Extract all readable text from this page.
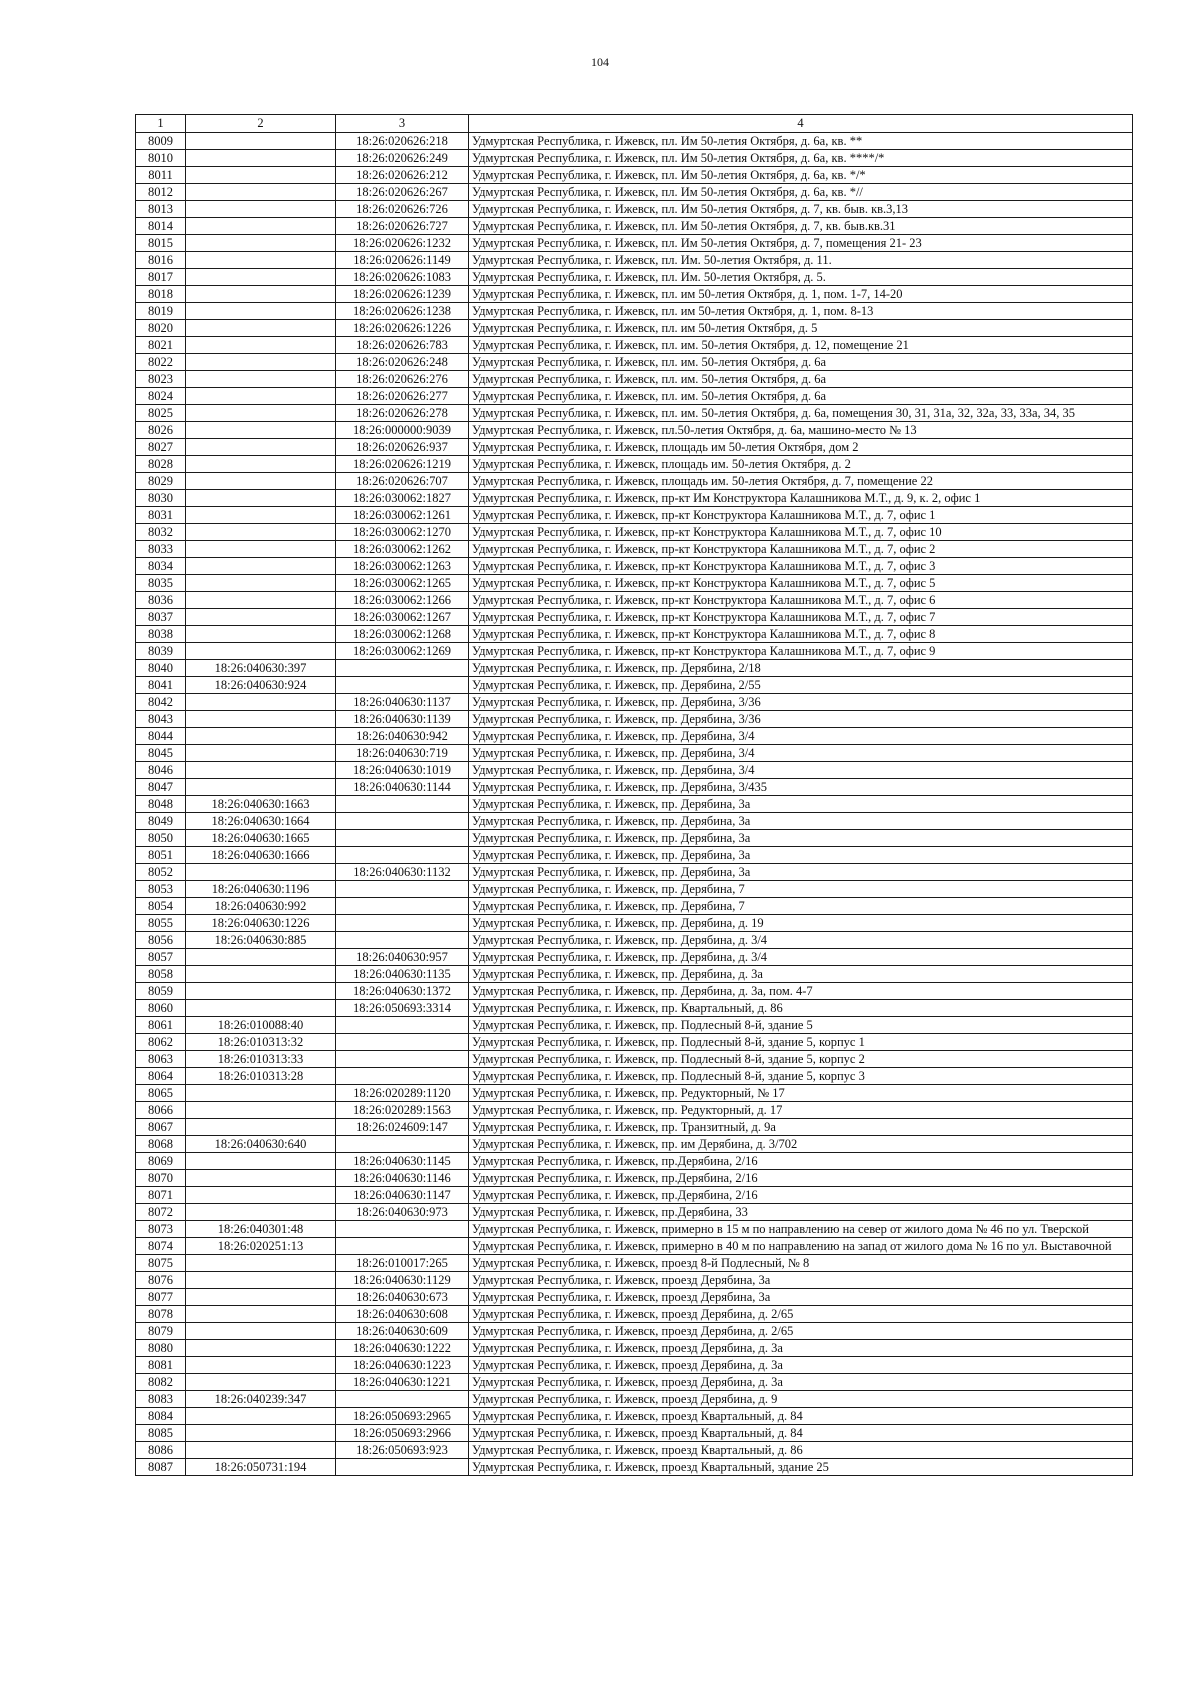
104
1	2	3	4
8009		18:26:020626:218	Удмуртская Республика, г. Ижевск, пл. Им 50-летия Октября, д. 6а, кв. **
8010		18:26:020626:249	Удмуртская Республика, г. Ижевск, пл. Им 50-летия Октября, д. 6а, кв. ****/*
8011		18:26:020626:212	Удмуртская Республика, г. Ижевск, пл. Им 50-летия Октября, д. 6а, кв. */*
8012		18:26:020626:267	Удмуртская Республика, г. Ижевск, пл. Им 50-летия Октября, д. 6а, кв. *//
8013		18:26:020626:726	Удмуртская Республика, г. Ижевск, пл. Им 50-летия Октября, д. 7, кв. быв. кв.3,13
8014		18:26:020626:727	Удмуртская Республика, г. Ижевск, пл. Им 50-летия Октября, д. 7, кв. быв.кв.31
8015		18:26:020626:1232	Удмуртская Республика, г. Ижевск, пл. Им 50-летия Октября, д. 7, помещения 21- 23
8016		18:26:020626:1149	Удмуртская Республика, г. Ижевск, пл. Им. 50-летия Октября, д. 11.
8017		18:26:020626:1083	Удмуртская Республика, г. Ижевск, пл. Им. 50-летия Октября, д. 5.
8018		18:26:020626:1239	Удмуртская Республика, г. Ижевск, пл. им 50-летия Октября, д. 1, пом. 1-7, 14-20
8019		18:26:020626:1238	Удмуртская Республика, г. Ижевск, пл. им 50-летия Октября, д. 1, пом. 8-13
8020		18:26:020626:1226	Удмуртская Республика, г. Ижевск, пл. им 50-летия Октября, д. 5
8021		18:26:020626:783	Удмуртская Республика, г. Ижевск, пл. им. 50-летия Октября, д. 12, помещение 21
8022		18:26:020626:248	Удмуртская Республика, г. Ижевск, пл. им. 50-летия Октября, д. 6а
8023		18:26:020626:276	Удмуртская Республика, г. Ижевск, пл. им. 50-летия Октября, д. 6а
8024		18:26:020626:277	Удмуртская Республика, г. Ижевск, пл. им. 50-летия Октября, д. 6а
8025		18:26:020626:278	Удмуртская Республика, г. Ижевск, пл. им. 50-летия Октября, д. 6а, помещения 30, 31, 31а, 32, 32а, 33, 33а, 34, 35
8026		18:26:000000:9039	Удмуртская Республика, г. Ижевск, пл.50-летия Октября, д. 6а, машино-место № 13
8027		18:26:020626:937	Удмуртская Республика, г. Ижевск, площадь им 50-летия Октября, дом 2
8028		18:26:020626:1219	Удмуртская Республика, г. Ижевск, площадь им. 50-летия Октября, д. 2
8029		18:26:020626:707	Удмуртская Республика, г. Ижевск, площадь им. 50-летия Октября, д. 7, помещение 22
8030		18:26:030062:1827	Удмуртская Республика, г. Ижевск, пр-кт Им Конструктора Калашникова М.Т., д. 9, к. 2, офис 1
8031		18:26:030062:1261	Удмуртская Республика, г. Ижевск, пр-кт Конструктора Калашникова М.Т., д. 7, офис 1
8032		18:26:030062:1270	Удмуртская Республика, г. Ижевск, пр-кт Конструктора Калашникова М.Т., д. 7, офис 10
8033		18:26:030062:1262	Удмуртская Республика, г. Ижевск, пр-кт Конструктора Калашникова М.Т., д. 7, офис 2
8034		18:26:030062:1263	Удмуртская Республика, г. Ижевск, пр-кт Конструктора Калашникова М.Т., д. 7, офис 3
8035		18:26:030062:1265	Удмуртская Республика, г. Ижевск, пр-кт Конструктора Калашникова М.Т., д. 7, офис 5
8036		18:26:030062:1266	Удмуртская Республика, г. Ижевск, пр-кт Конструктора Калашникова М.Т., д. 7, офис 6
8037		18:26:030062:1267	Удмуртская Республика, г. Ижевск, пр-кт Конструктора Калашникова М.Т., д. 7, офис 7
8038		18:26:030062:1268	Удмуртская Республика, г. Ижевск, пр-кт Конструктора Калашникова М.Т., д. 7, офис 8
8039		18:26:030062:1269	Удмуртская Республика, г. Ижевск, пр-кт Конструктора Калашникова М.Т., д. 7, офис 9
8040	18:26:040630:397		Удмуртская Республика, г. Ижевск, пр. Дерябина, 2/18
8041	18:26:040630:924		Удмуртская Республика, г. Ижевск, пр. Дерябина, 2/55
8042		18:26:040630:1137	Удмуртская Республика, г. Ижевск, пр. Дерябина, 3/36
8043		18:26:040630:1139	Удмуртская Республика, г. Ижевск, пр. Дерябина, 3/36
8044		18:26:040630:942	Удмуртская Республика, г. Ижевск, пр. Дерябина, 3/4
8045		18:26:040630:719	Удмуртская Республика, г. Ижевск, пр. Дерябина, 3/4
8046		18:26:040630:1019	Удмуртская Республика, г. Ижевск, пр. Дерябина, 3/4
8047		18:26:040630:1144	Удмуртская Республика, г. Ижевск, пр. Дерябина, 3/435
8048	18:26:040630:1663		Удмуртская Республика, г. Ижевск, пр. Дерябина, 3а
8049	18:26:040630:1664		Удмуртская Республика, г. Ижевск, пр. Дерябина, 3а
8050	18:26:040630:1665		Удмуртская Республика, г. Ижевск, пр. Дерябина, 3а
8051	18:26:040630:1666		Удмуртская Республика, г. Ижевск, пр. Дерябина, 3а
8052		18:26:040630:1132	Удмуртская Республика, г. Ижевск, пр. Дерябина, 3а
8053	18:26:040630:1196		Удмуртская Республика, г. Ижевск, пр. Дерябина, 7
8054	18:26:040630:992		Удмуртская Республика, г. Ижевск, пр. Дерябина, 7
8055	18:26:040630:1226		Удмуртская Республика, г. Ижевск, пр. Дерябина, д. 19
8056	18:26:040630:885		Удмуртская Республика, г. Ижевск, пр. Дерябина, д. 3/4
8057		18:26:040630:957	Удмуртская Республика, г. Ижевск, пр. Дерябина, д. 3/4
8058		18:26:040630:1135	Удмуртская Республика, г. Ижевск, пр. Дерябина, д. 3а
8059		18:26:040630:1372	Удмуртская Республика, г. Ижевск, пр. Дерябина, д. 3а, пом. 4-7
8060		18:26:050693:3314	Удмуртская Республика, г. Ижевск, пр. Квартальный, д. 86
8061	18:26:010088:40		Удмуртская Республика, г. Ижевск, пр. Подлесный 8-й, здание 5
8062	18:26:010313:32		Удмуртская Республика, г. Ижевск, пр. Подлесный 8-й, здание 5, корпус 1
8063	18:26:010313:33		Удмуртская Республика, г. Ижевск, пр. Подлесный 8-й, здание 5, корпус 2
8064	18:26:010313:28		Удмуртская Республика, г. Ижевск, пр. Подлесный 8-й, здание 5, корпус 3
8065		18:26:020289:1120	Удмуртская Республика, г. Ижевск, пр. Редукторный, № 17
8066		18:26:020289:1563	Удмуртская Республика, г. Ижевск, пр. Редукторный, д. 17
8067		18:26:024609:147	Удмуртская Республика, г. Ижевск, пр. Транзитный, д. 9а
8068	18:26:040630:640		Удмуртская Республика, г. Ижевск, пр. им Дерябина, д. 3/702
8069		18:26:040630:1145	Удмуртская Республика, г. Ижевск, пр.Дерябина, 2/16
8070		18:26:040630:1146	Удмуртская Республика, г. Ижевск, пр.Дерябина, 2/16
8071		18:26:040630:1147	Удмуртская Республика, г. Ижевск, пр.Дерябина, 2/16
8072		18:26:040630:973	Удмуртская Республика, г. Ижевск, пр.Дерябина, 33
8073	18:26:040301:48		Удмуртская Республика, г. Ижевск, примерно в 15 м по направлению на север от жилого дома № 46 по ул. Тверской
8074	18:26:020251:13		Удмуртская Республика, г. Ижевск, примерно в 40 м по направлению на запад от жилого дома № 16 по ул. Выставочной
8075		18:26:010017:265	Удмуртская Республика, г. Ижевск, проезд 8-й Подлесный, № 8
8076		18:26:040630:1129	Удмуртская Республика, г. Ижевск, проезд Дерябина, 3а
8077		18:26:040630:673	Удмуртская Республика, г. Ижевск, проезд Дерябина, 3а
8078		18:26:040630:608	Удмуртская Республика, г. Ижевск, проезд Дерябина, д. 2/65
8079		18:26:040630:609	Удмуртская Республика, г. Ижевск, проезд Дерябина, д. 2/65
8080		18:26:040630:1222	Удмуртская Республика, г. Ижевск, проезд Дерябина, д. 3а
8081		18:26:040630:1223	Удмуртская Республика, г. Ижевск, проезд Дерябина, д. 3а
8082		18:26:040630:1221	Удмуртская Республика, г. Ижевск, проезд Дерябина, д. 3а
8083	18:26:040239:347		Удмуртская Республика, г. Ижевск, проезд Дерябина, д. 9
8084		18:26:050693:2965	Удмуртская Республика, г. Ижевск, проезд Квартальный, д. 84
8085		18:26:050693:2966	Удмуртская Республика, г. Ижевск, проезд Квартальный, д. 84
8086		18:26:050693:923	Удмуртская Республика, г. Ижевск, проезд Квартальный, д. 86
8087	18:26:050731:194		Удмуртская Республика, г. Ижевск, проезд Квартальный, здание 25
